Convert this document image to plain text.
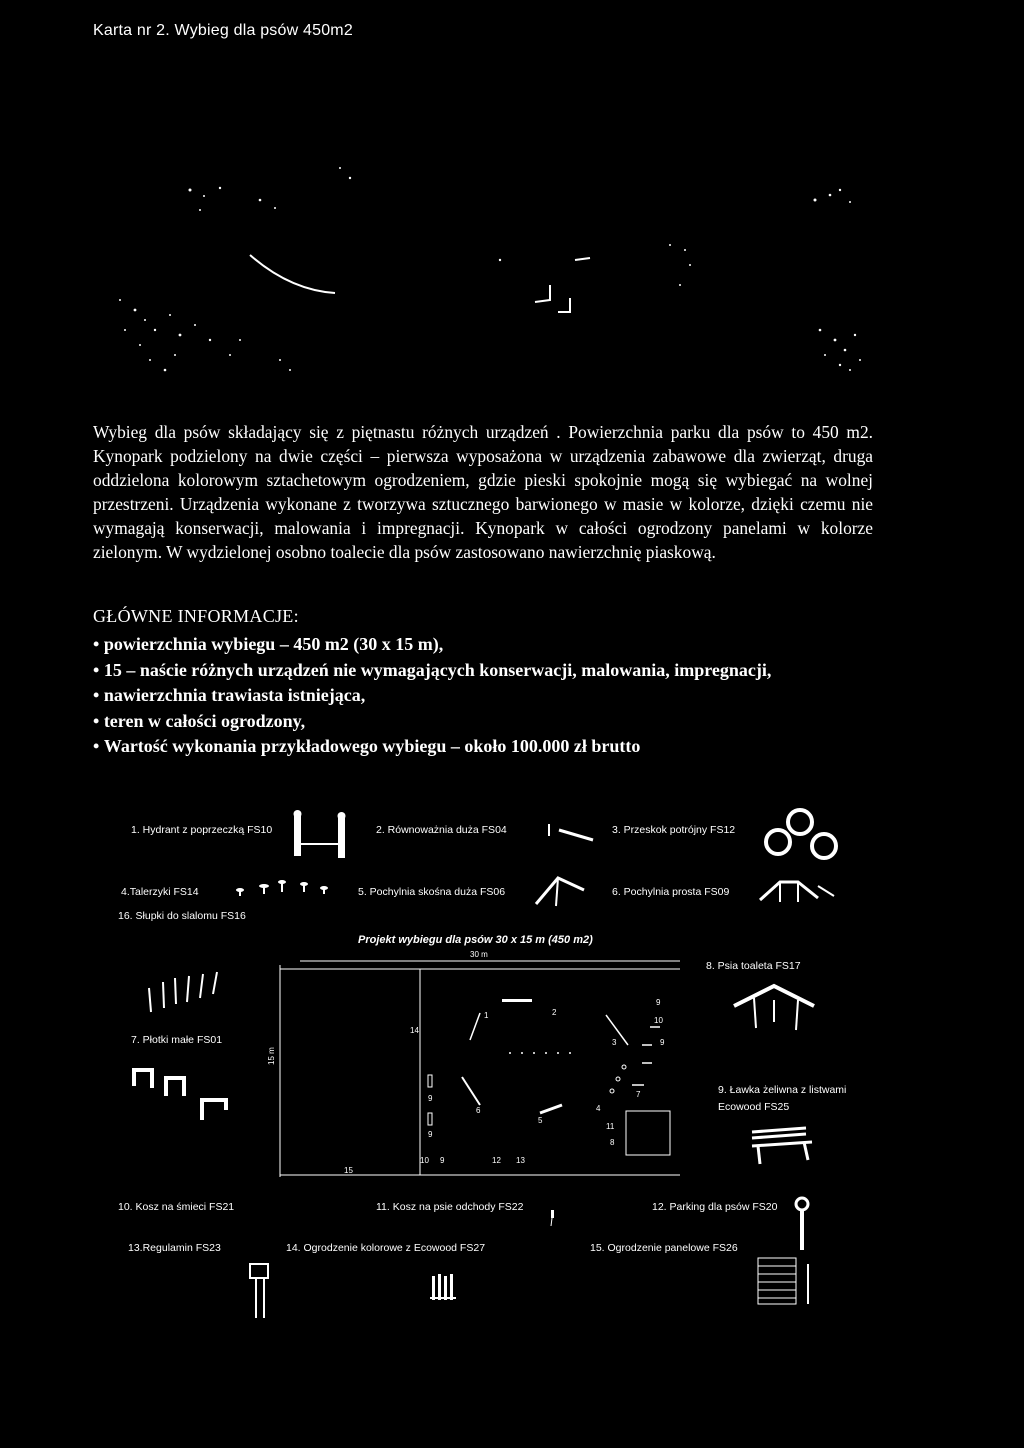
Karta nr 2. Wybieg dla psów 450m2
Wybieg dla psów składający się z piętnastu różnych urządzeń . Powierzchnia parku dla psów to 450 m2. Kynopark podzielony na dwie części – pierwsza wyposażona w urządzenia zabawowe dla zwierząt, druga oddzielona kolorowym sztachetowym ogrodzeniem, gdzie pieski spokojnie mogą się wybiegać na wolnej przestrzeni. Urządzenia wykonane z tworzywa sztucznego barwionego w masie w kolorze, dzięki czemu nie wymagają konserwacji, malowania i impregnacji. Kynopark w całości ogrodzony panelami w kolorze zielonym. W wydzielonej osobno toalecie dla psów zastosowano nawierzchnię piaskową.
GŁÓWNE INFORMACJE:
• powierzchnia wybiegu – 450 m2 (30 x 15 m),
• 15 – naście różnych urządzeń nie wymagających konserwacji, malowania, impregnacji,
• nawierzchnia trawiasta istniejąca,
• teren w całości ogrodzony,
• Wartość wykonania przykładowego wybiegu – około 100.000 zł brutto
1. Hydrant z poprzeczką FS10	2. Równoważnia duża FS04	3. Przeskok potrójny FS12
4.Talerzyki FS14	5. Pochylnia skośna duża FS06	6. Pochylnia prosta FS09
16. Słupki do slalomu FS16
Projekt wybiegu dla psów 30 x 15 m (450 m2)
7. Płotki małe FS01
30 m
15 m
1	2
3
9
10
9
14
6
5
7
4
11
8
9
9
10 9	12 13
15
8. Psia toaleta FS17
9. Ławka żeliwna z listwami Ecowood FS25
10. Kosz na śmieci FS21	11. Kosz na psie odchody FS22	12. Parking dla psów FS20
13.Regulamin FS23	14. Ogrodzenie kolorowe z Ecowood FS27	15. Ogrodzenie panelowe FS26
